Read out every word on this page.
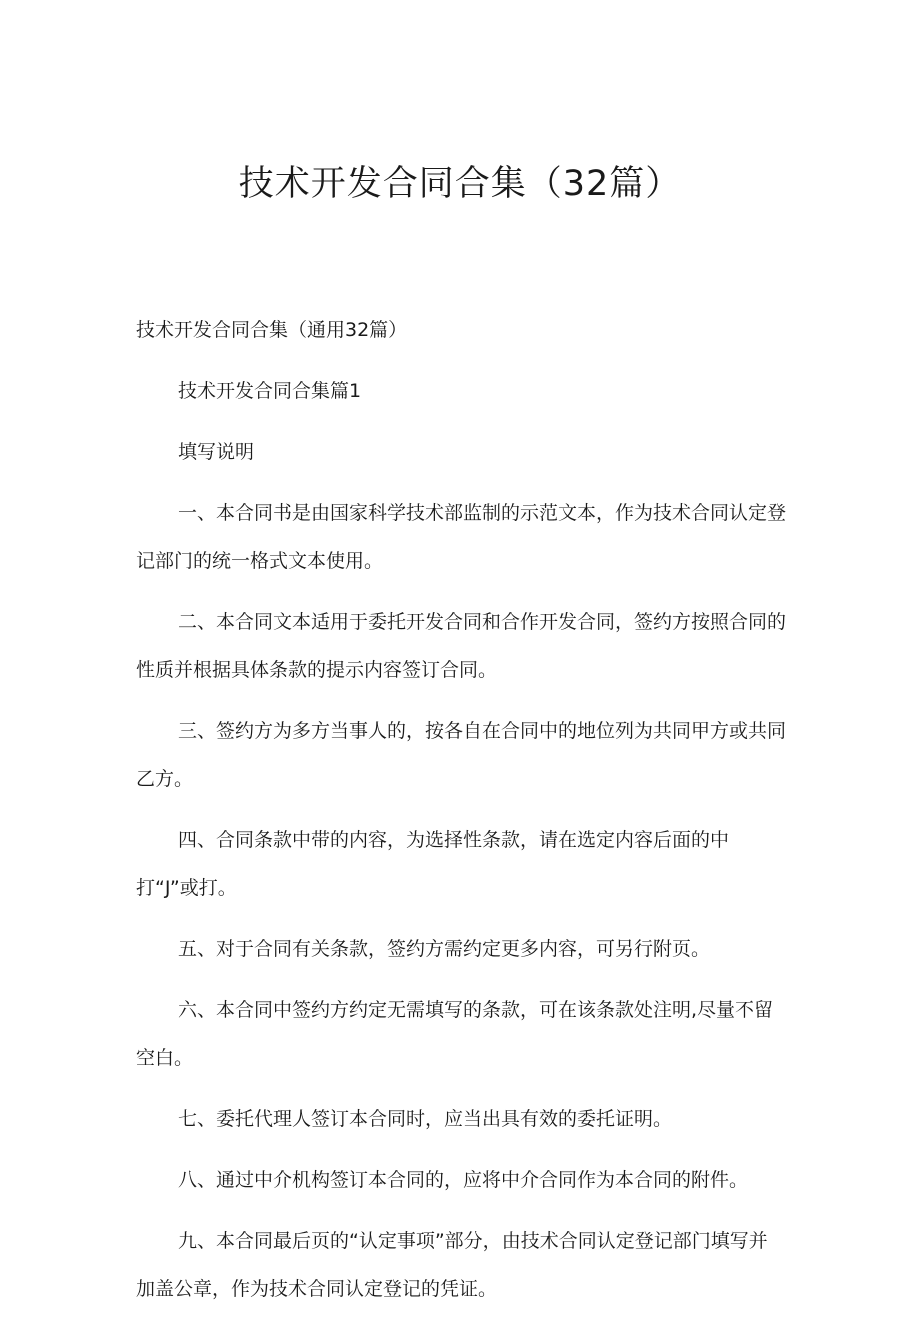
技术开发合同合集（32篇）

技术开发合同合集（通用32篇）

技术开发合同合集篇1

填写说明

一、本合同书是由国家科学技术部监制的示范文本，作为技术合同认定登记部门的统一格式文本使用。

二、本合同文本适用于委托开发合同和合作开发合同，签约方按照合同的性质并根据具体条款的提示内容签订合同。

三、签约方为多方当事人的，按各自在合同中的地位列为共同甲方或共同乙方。

四、合同条款中带的内容，为选择性条款，请在选定内容后面的中打“J”或打。

五、对于合同有关条款，签约方需约定更多内容，可另行附页。

六、本合同中签约方约定无需填写的条款，可在该条款处注明,尽量不留空白。

七、委托代理人签订本合同时，应当出具有效的委托证明。

八、通过中介机构签订本合同的，应将中介合同作为本合同的附件。

九、本合同最后页的“认定事项”部分，由技术合同认定登记部门填写并加盖公章，作为技术合同认定登记的凭证。
